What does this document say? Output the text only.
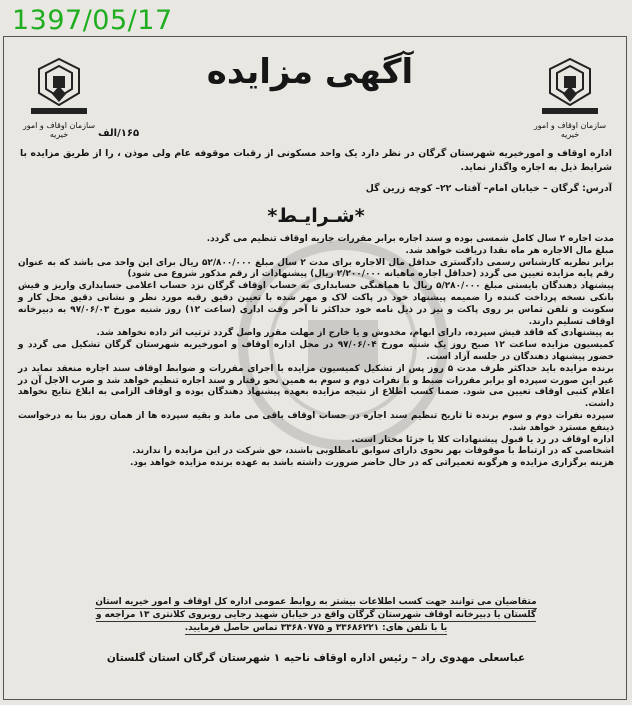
1397/05/17
سازمان اوقاف و امور خیریه
سازمان اوقاف و امور خیریه
آگهی مزایده
۱۶۵/الف
اداره اوقاف و امورخیریه شهرستان گرگان در نظر دارد یک واحد مسکونی از رقبات موقوفه عام ولی موذن ، را از طریق مزایده با شرایط ذیل به اجاره واگذار نماید.
آدرس: گرگان – خیابان امام– آفتاب ۲۲– کوچه زرین گل
*شـرایـط*

مدت اجاره ۲ سال کامل شمسی بوده و سند اجاره برابر مقررات جاریه اوقاف تنظیم می گردد.

مبلغ مال الاجاره هر ماه نقدا دریافت خواهد شد.

برابر نظریه کارشناس رسمی دادگستری حداقل مال الاجاره برای مدت ۲ سال مبلغ ۵۲/۸۰۰/۰۰۰ ریال برای این واحد می باشد که به عنوان رقم پایه مزایده تعیین می گردد (حداقل اجاره ماهیانه ۲/۲۰۰/۰۰۰ ریال) پیشنهادات از رقم مذکور شروع می شود)

پیشنهاد دهندگان بایستی مبلغ ۵/۲۸۰/۰۰۰ ریال با هماهنگی حسابداری به حساب اوقاف گرگان نزد حساب اعلامی حسابداری واریز و فیش بانکی نسخه پرداخت کننده را ضمیمه پیشنهاد خود در پاکت لاک و مهر شده با تعیین دقیق رقبه مورد نظر و نشانی دقیق محل کار و سکونت و تلفن تماس بر روی پاکت و نیز در ذیل نامه خود حداکثر تا آخر وقت اداری (ساعت ۱۲) روز شنبه مورخ ۹۷/۰۶/۰۳ به دبیرخانه اوقاف تسلیم دارند.

به پیشنهادی که فاقد فیش سپرده، دارای ابهام، مخدوش و یا خارج از مهلت مقرر واصل گردد ترتیب اثر داده نخواهد شد.

کمیسیون مزایده ساعت ۱۲ صبح روز یک شنبه مورخ ۹۷/۰۶/۰۴ در محل اداره اوقاف و امورخیریه شهرستان گرگان تشکیل می گردد و حضور پیشنهاد دهندگان در جلسه آزاد است.

برنده مزایده باید حداکثر ظرف مدت ۵ روز پس از تشکیل کمیسیون مزایده با اجرای مقررات و ضوابط اوقاف سند اجاره منعقد نماید در غیر این صورت سپرده او برابر مقررات ضبط و با نفرات دوم و سوم به همین نحو رفتار و سند اجاره تنظیم خواهد شد و ضرب الاجل آن در اعلام کتبی اوقاف تعیین می شود. ضمنا کسب اطلاع از نتیجه مزایده بعهده پیشنهاد دهندگان بوده و اوقاف الزامی به ابلاغ نتایج نخواهد داشت.

سپرده نفرات دوم و سوم برنده تا تاریخ تنظیم سند اجاره در حساب اوقاف باقی می ماند و بقیه سپرده ها از همان روز بنا به درخواست ذینفع مسترد خواهد شد.

اداره اوقاف در رد یا قبول پیشنهادات کلا یا جزئا مختار است.

اشخاصی که در ارتباط با موقوفات بهر نحوی دارای سوابق نامطلوبی باشند، حق شرکت در این مزایده را ندارند.

هزینه برگزاری مزایده و هرگونه تعمیراتی که در حال حاضر ضرورت داشته باشد به عهده برنده مزایده خواهد بود.

متقاضیان می توانند جهت کسب اطلاعات بیشتر به روابط عمومی اداره کل اوقاف و امور خیریه استان
گلستان یا دبیرخانه اوقاف شهرستان گرگان واقع در خیابان شهید رجایی روبروی کلانتری ۱۳ مراجعه و
یا با تلفن های: ۳۳۶۸۶۲۲۱ و ۳۳۶۸۰۷۷۵ تماس حاصل فرمایید.
عباسعلی مهدوی راد – رئیس اداره اوقاف ناحیه ۱ شهرستان گرگان استان گلستان
